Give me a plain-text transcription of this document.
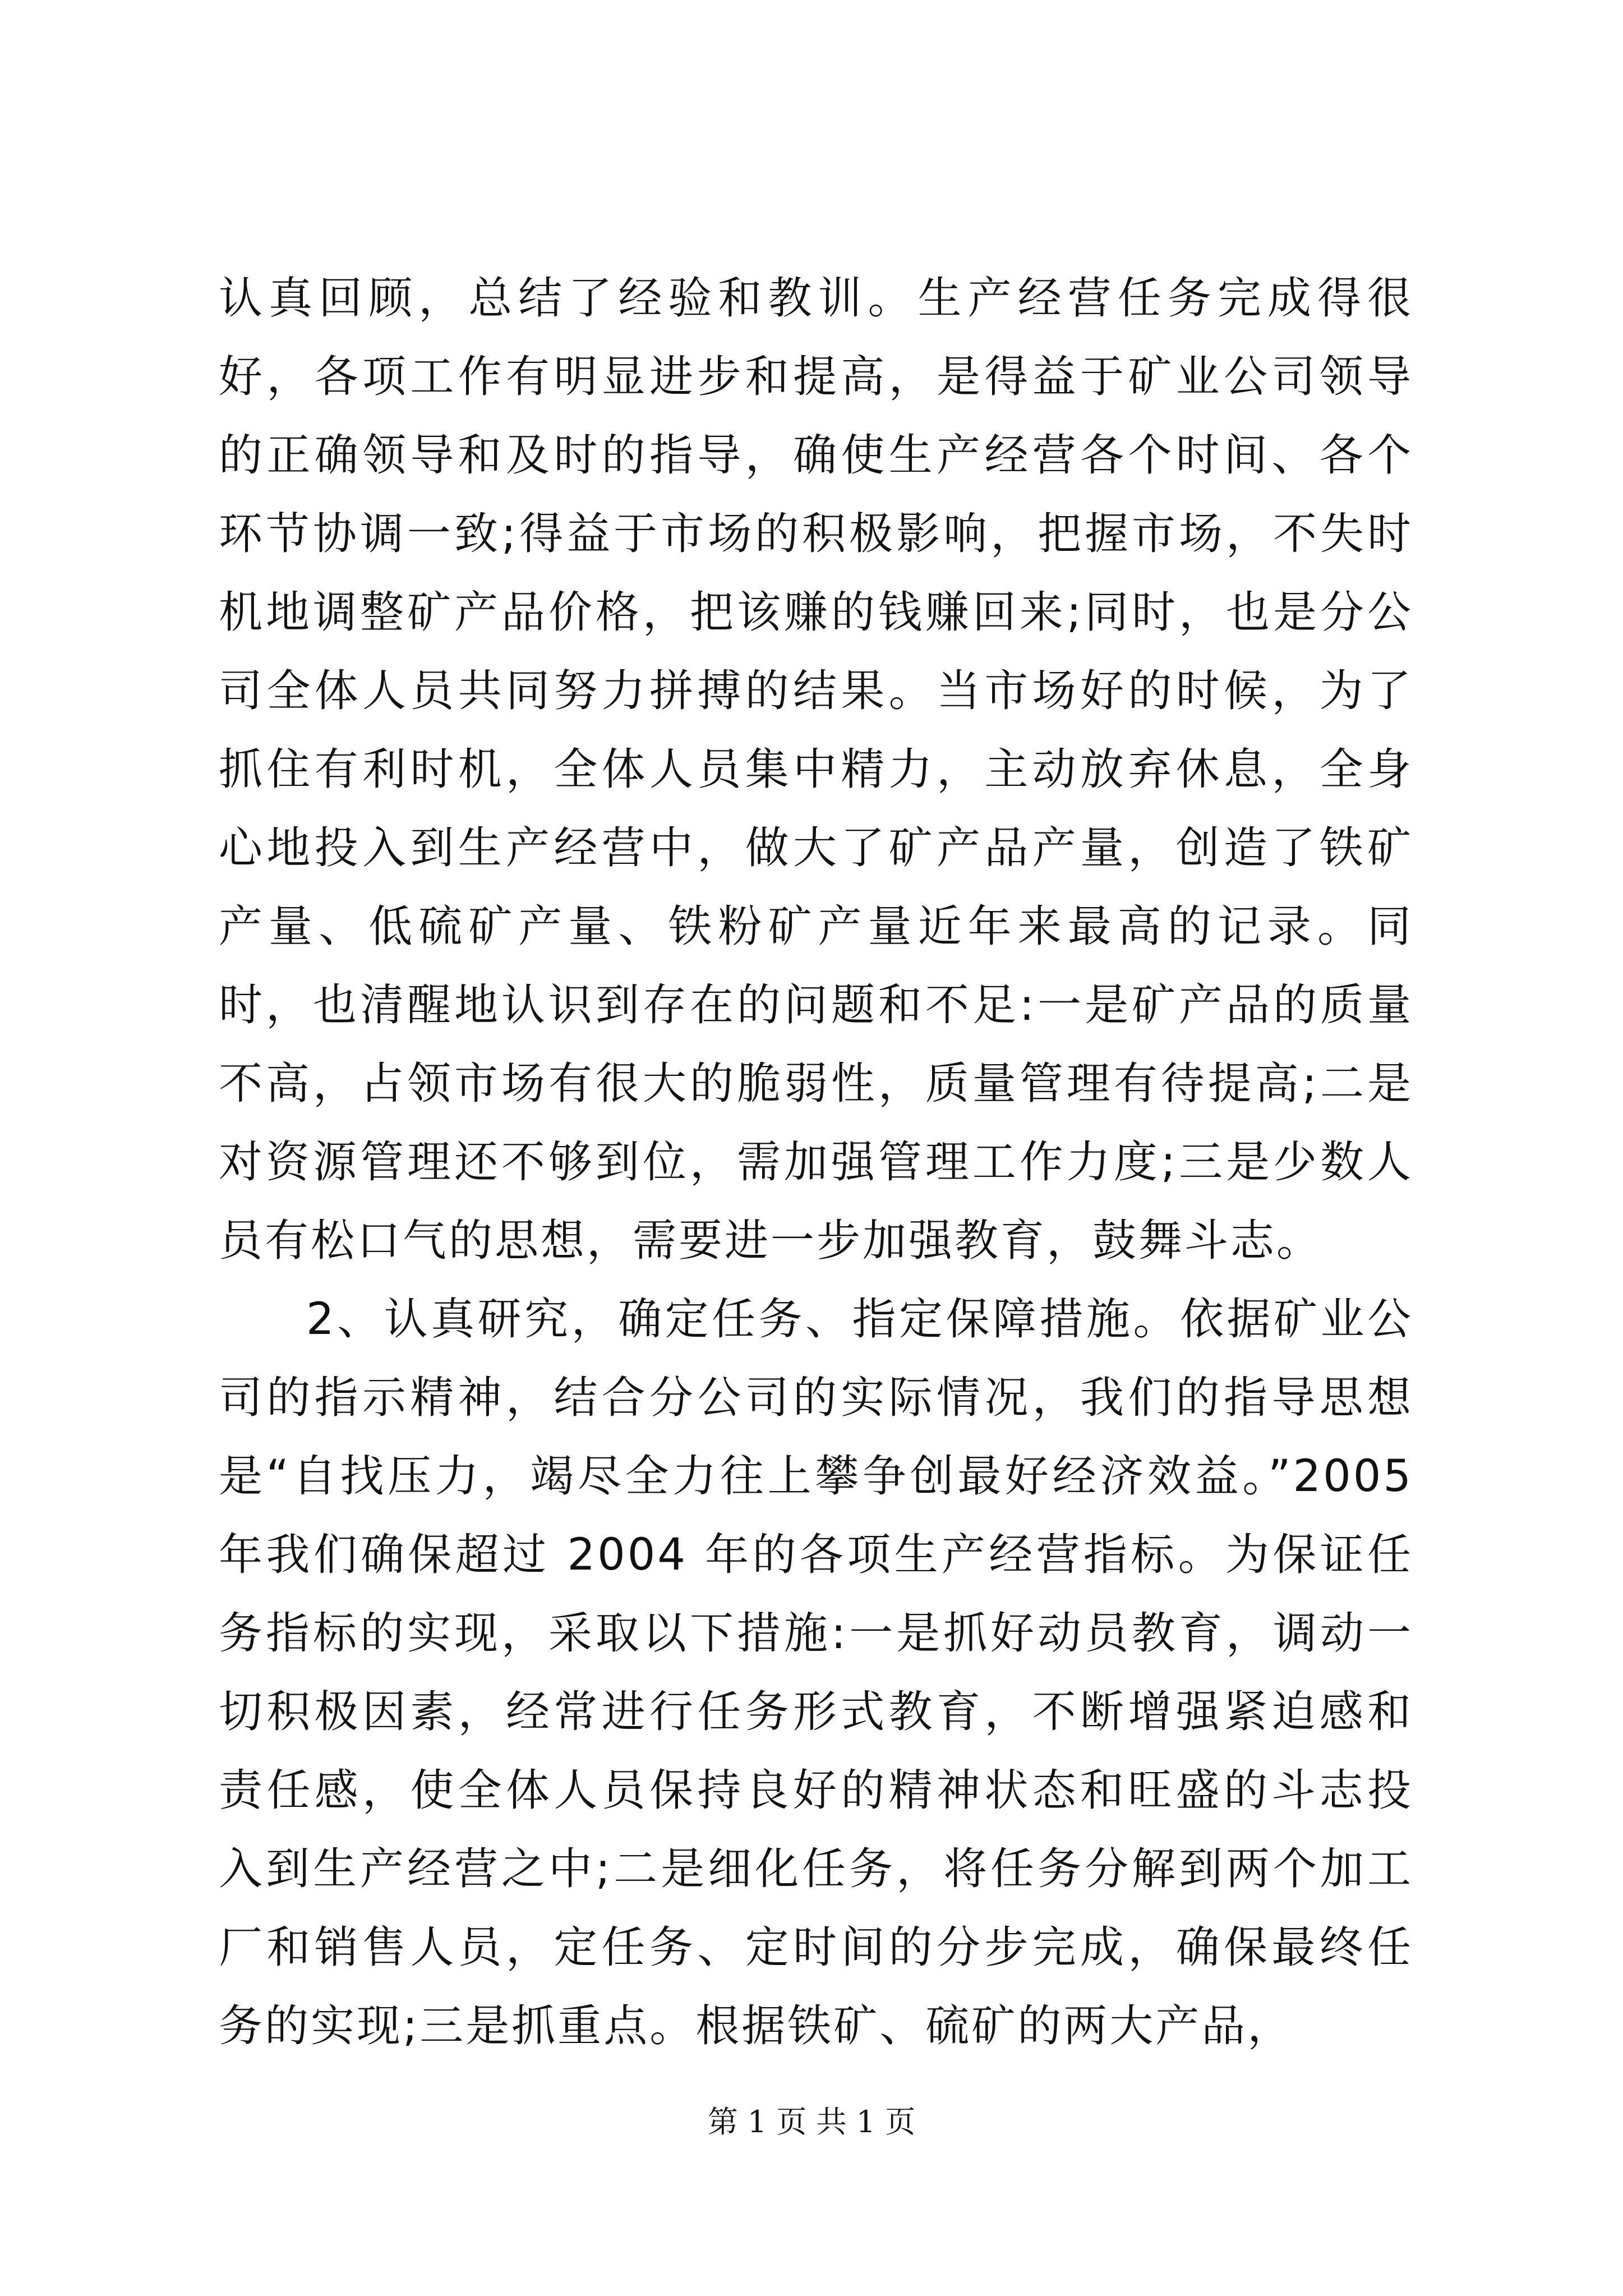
认真回顾，总结了经验和教训。生产经营任务完成得很好，各项工作有明显进步和提高，是得益于矿业公司领导的正确领导和及时的指导，确使生产经营各个时间、各个环节协调一致;得益于市场的积极影响，把握市场，不失时机地调整矿产品价格，把该赚的钱赚回来;同时，也是分公司全体人员共同努力拼搏的结果。当市场好的时候，为了抓住有利时机，全体人员集中精力，主动放弃休息，全身心地投入到生产经营中，做大了矿产品产量，创造了铁矿产量、低硫矿产量、铁粉矿产量近年来最高的记录。同时，也清醒地认识到存在的问题和不足:一是矿产品的质量不高，占领市场有很大的脆弱性，质量管理有待提高;二是对资源管理还不够到位，需加强管理工作力度;三是少数人员有松口气的思想，需要进一步加强教育，鼓舞斗志。

2、认真研究，确定任务、指定保障措施。依据矿业公司的指示精神，结合分公司的实际情况，我们的指导思想是“自找压力，竭尽全力往上攀争创最好经济效益。”2005 年我们确保超过 2004 年的各项生产经营指标。为保证任务指标的实现，采取以下措施:一是抓好动员教育，调动一切积极因素，经常进行任务形式教育，不断增强紧迫感和责任感，使全体人员保持良好的精神状态和旺盛的斗志投入到生产经营之中;二是细化任务，将任务分解到两个加工厂和销售人员，定任务、定时间的分步完成，确保最终任务的实现;三是抓重点。根据铁矿、硫矿的两大产品，

第 1 页 共 1 页
